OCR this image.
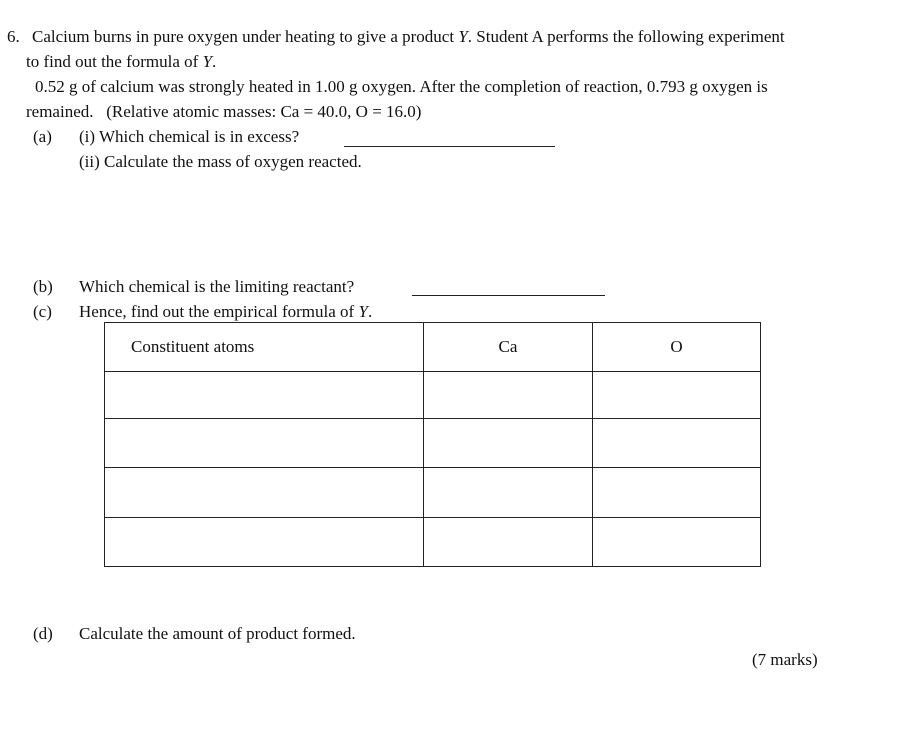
6. Calcium burns in pure oxygen under heating to give a product Y. Student A performs the following experiment
to find out the formula of Y.
0.52 g of calcium was strongly heated in 1.00 g oxygen. After the completion of reaction, 0.793 g oxygen is
remained.   (Relative atomic masses: Ca = 40.0, O = 16.0)
(a) (i) Which chemical is in excess?
(ii) Calculate the mass of oxygen reacted.
(b) Which chemical is the limiting reactant?
(c) Hence, find out the empirical formula of Y.
Constituent atoms	Ca	O

(d) Calculate the amount of product formed.
(7 marks)
